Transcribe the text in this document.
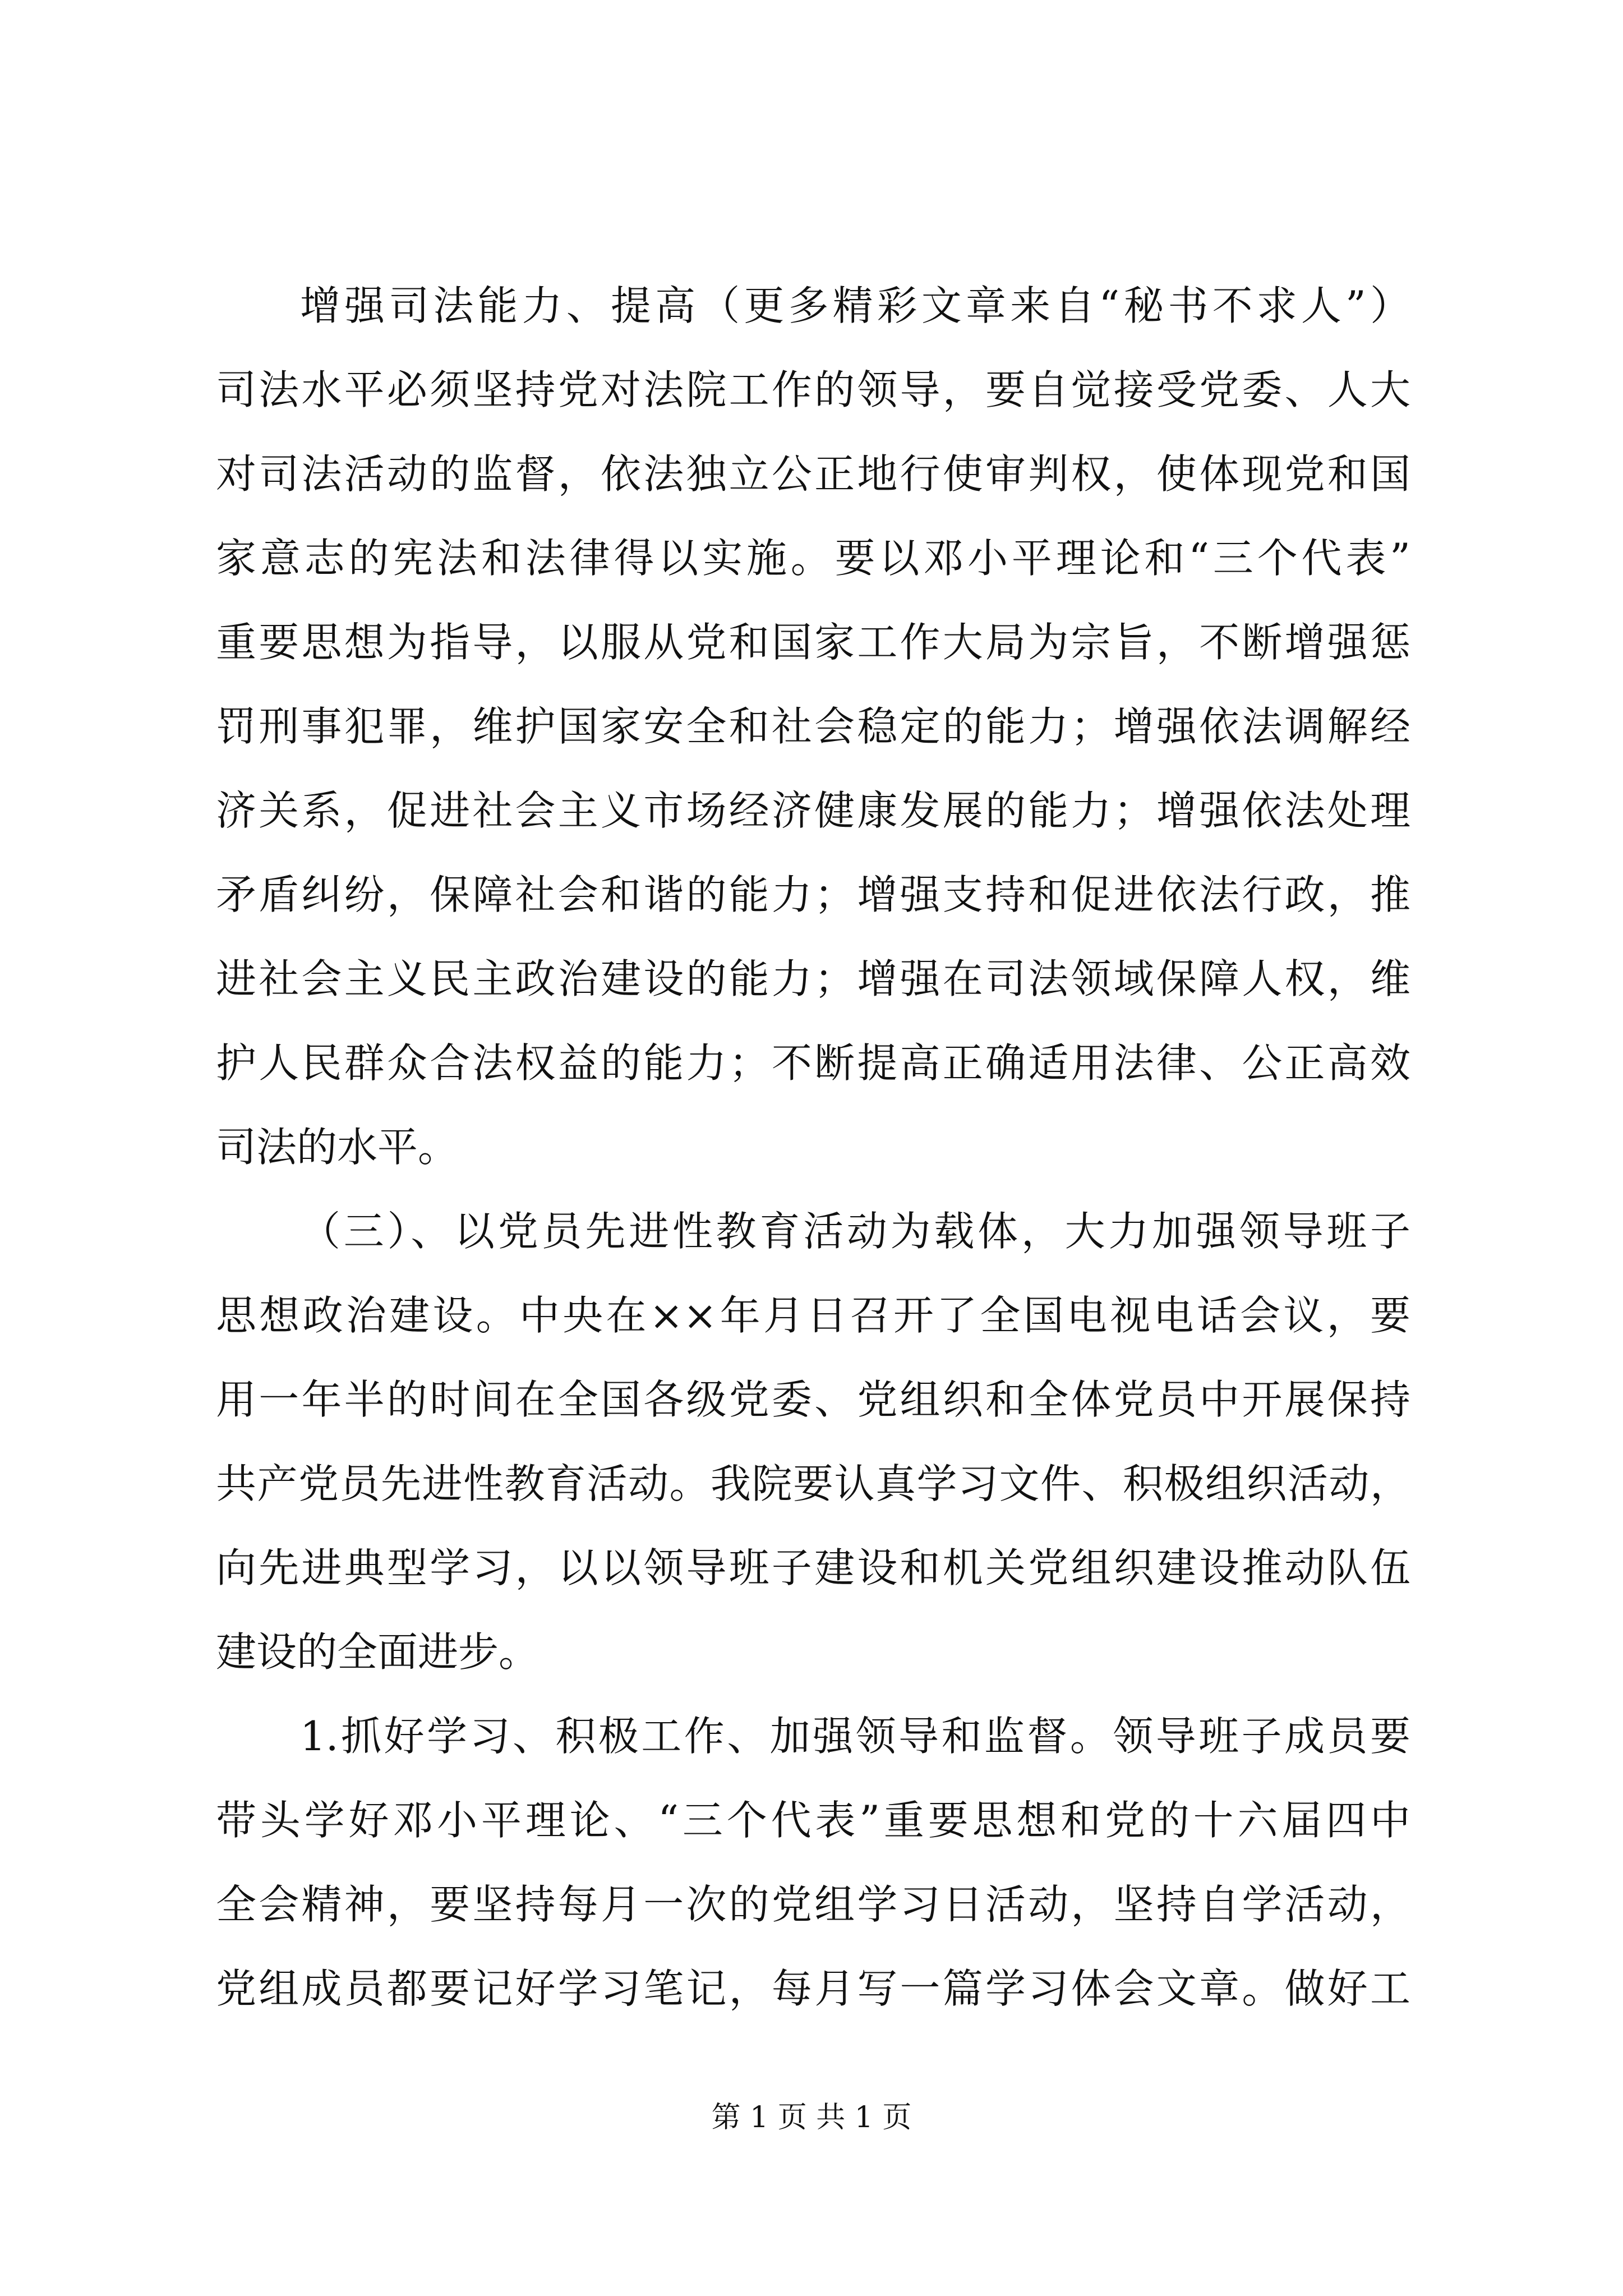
增强司法能力、提高（更多精彩文章来自“秘书不求人”）
司法水平必须坚持党对法院工作的领导，要自觉接受党委、人大
对司法活动的监督，依法独立公正地行使审判权，使体现党和国
家意志的宪法和法律得以实施。要以邓小平理论和“三个代表”
重要思想为指导，以服从党和国家工作大局为宗旨，不断增强惩
罚刑事犯罪，维护国家安全和社会稳定的能力；增强依法调解经
济关系，促进社会主义市场经济健康发展的能力；增强依法处理
矛盾纠纷，保障社会和谐的能力；增强支持和促进依法行政，推
进社会主义民主政治建设的能力；增强在司法领域保障人权，维
护人民群众合法权益的能力；不断提高正确适用法律、公正高效
司法的水平。
（三）、以党员先进性教育活动为载体，大力加强领导班子
思想政治建设。中央在××年月日召开了全国电视电话会议，要
用一年半的时间在全国各级党委、党组织和全体党员中开展保持
共产党员先进性教育活动。我院要认真学习文件、积极组织活动，
向先进典型学习，以以领导班子建设和机关党组织建设推动队伍
建设的全面进步。
1.抓好学习、积极工作、加强领导和监督。领导班子成员要
带头学好邓小平理论、“三个代表”重要思想和党的十六届四中
全会精神，要坚持每月一次的党组学习日活动，坚持自学活动，
党组成员都要记好学习笔记，每月写一篇学习体会文章。做好工
第 1 页 共 1 页
